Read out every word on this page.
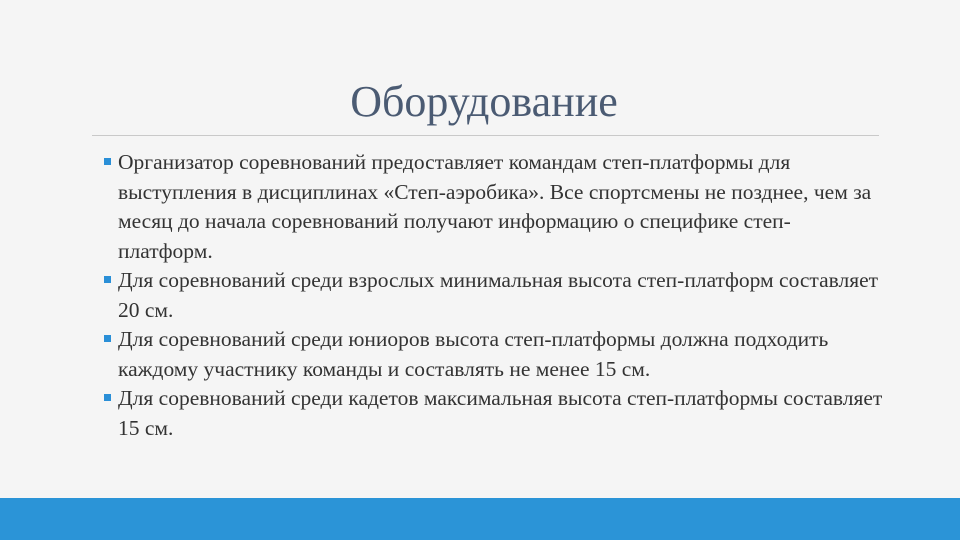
Оборудование

Организатор соревнований предоставляет командам степ-платформы для выступления в дисциплинах «Степ-аэробика». Все спортсмены не позднее, чем за месяц до начала соревнований получают информацию о специфике степ-платформ.

Для соревнований среди взрослых минимальная высота степ-платформ составляет 20 см.

Для соревнований среди юниоров высота степ-платформы должна подходить каждому участнику команды и составлять не менее 15 см.

Для соревнований среди кадетов максимальная высота степ-платформы составляет 15 см.
